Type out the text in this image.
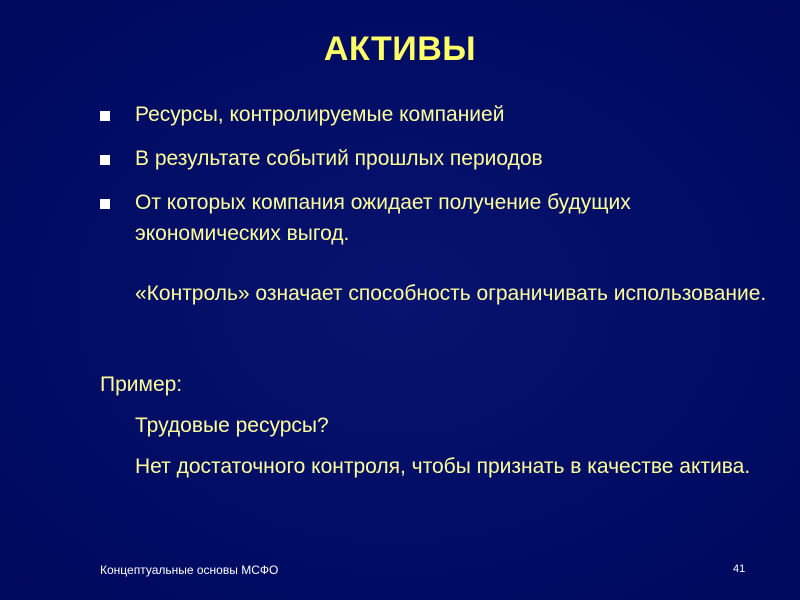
АКТИВЫ
Ресурсы, контролируемые компанией
В результате событий прошлых периодов
От которых компания ожидает получение будущих экономических выгод.
«Контроль» означает способность ограничивать использование.
Пример:
Трудовые ресурсы?
Нет достаточного контроля, чтобы признать в качестве актива.
Концептуальные основы МСФО	41
